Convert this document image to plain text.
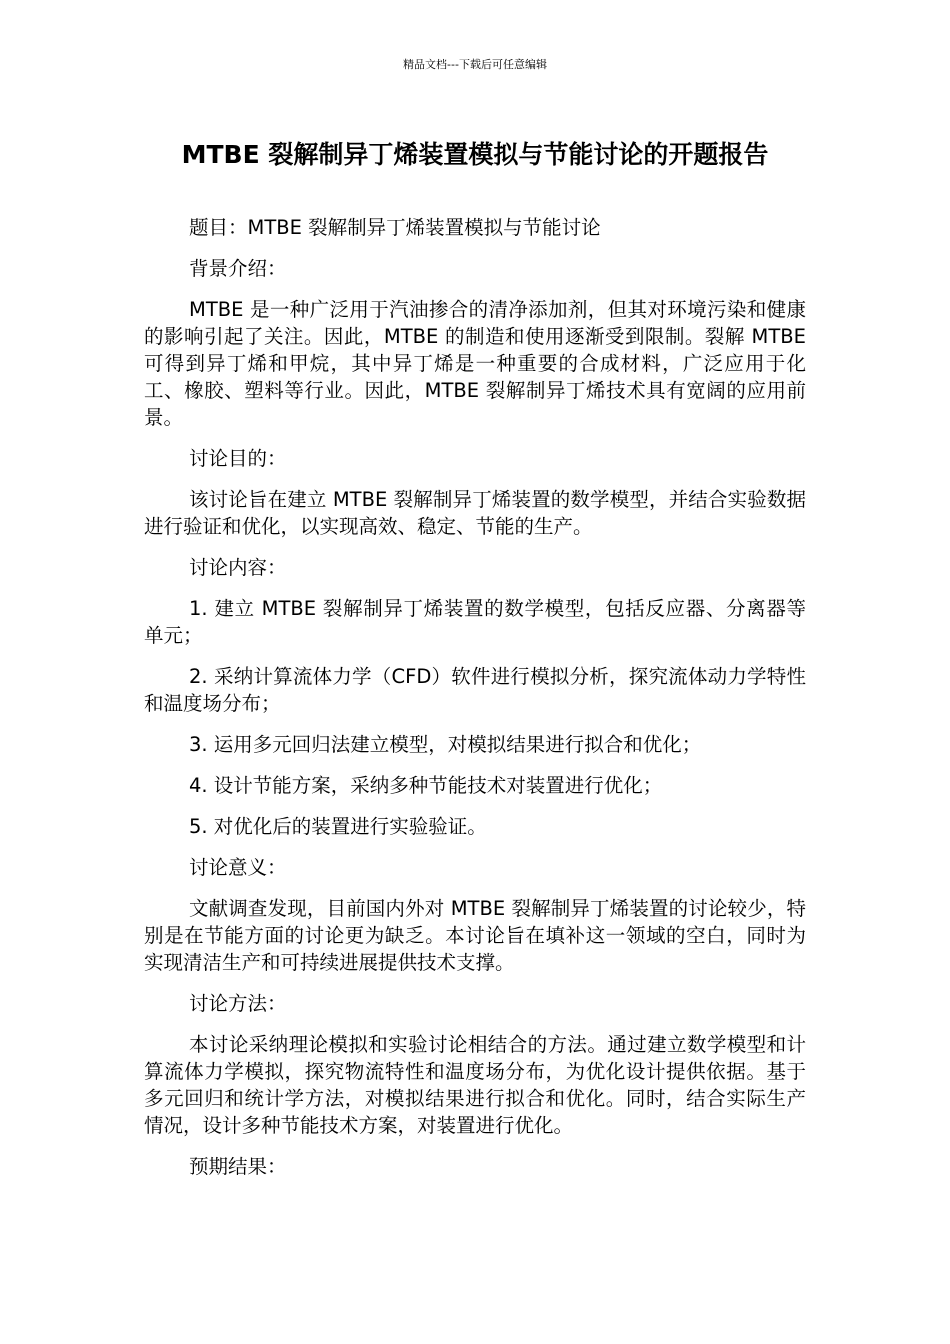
精品文档---下载后可任意编辑
MTBE 裂解制异丁烯装置模拟与节能讨论的开题报告

题目：MTBE 裂解制异丁烯装置模拟与节能讨论

背景介绍：

MTBE 是一种广泛用于汽油掺合的清净添加剂，但其对环境污染和健康的影响引起了关注。因此，MTBE 的制造和使用逐渐受到限制。裂解 MTBE 可得到异丁烯和甲烷，其中异丁烯是一种重要的合成材料，广泛应用于化工、橡胶、塑料等行业。因此，MTBE 裂解制异丁烯技术具有宽阔的应用前景。

讨论目的：

该讨论旨在建立 MTBE 裂解制异丁烯装置的数学模型，并结合实验数据进行验证和优化，以实现高效、稳定、节能的生产。

讨论内容：

1. 建立 MTBE 裂解制异丁烯装置的数学模型，包括反应器、分离器等单元；

2. 采纳计算流体力学（CFD）软件进行模拟分析，探究流体动力学特性和温度场分布；

3. 运用多元回归法建立模型，对模拟结果进行拟合和优化；

4. 设计节能方案，采纳多种节能技术对装置进行优化；

5. 对优化后的装置进行实验验证。

讨论意义：

文献调查发现，目前国内外对 MTBE 裂解制异丁烯装置的讨论较少，特别是在节能方面的讨论更为缺乏。本讨论旨在填补这一领域的空白，同时为实现清洁生产和可持续进展提供技术支撑。

讨论方法：

本讨论采纳理论模拟和实验讨论相结合的方法。通过建立数学模型和计算流体力学模拟，探究物流特性和温度场分布，为优化设计提供依据。基于多元回归和统计学方法，对模拟结果进行拟合和优化。同时，结合实际生产情况，设计多种节能技术方案，对装置进行优化。

预期结果：
